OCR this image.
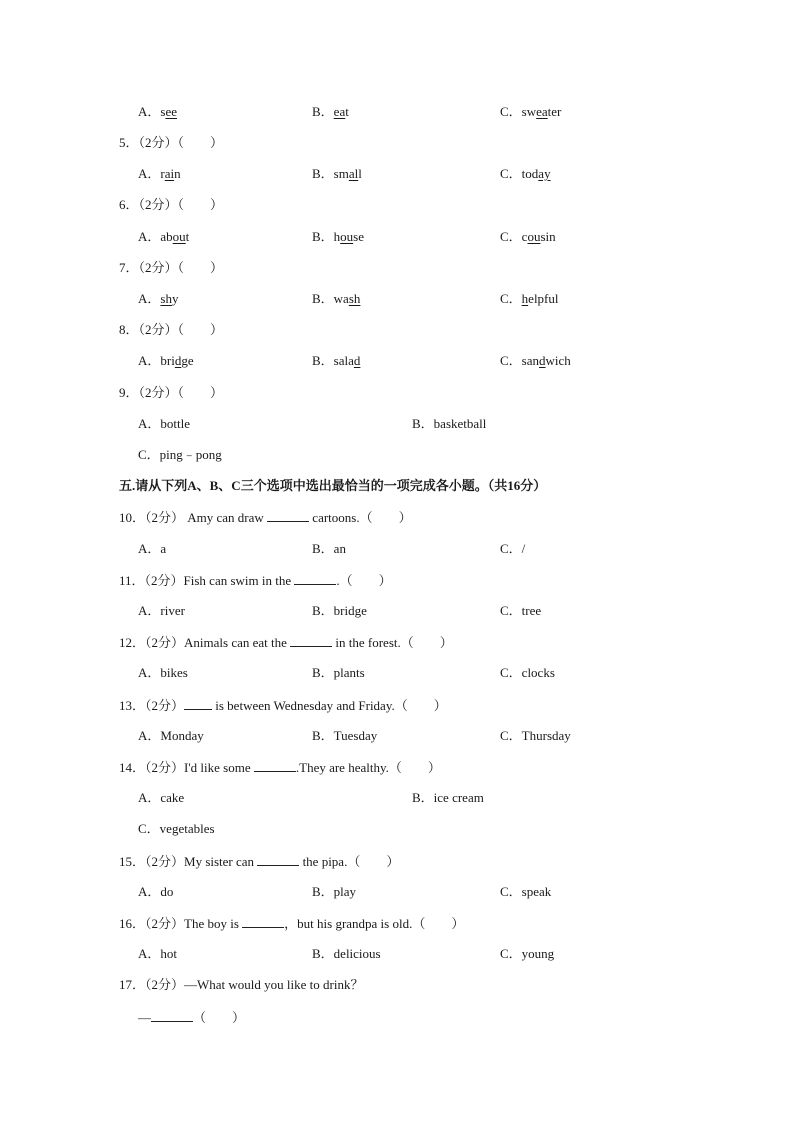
A．see	B．eat	C．sweater
5．（2分）（　　）
A．rain	B．small	C．today
6．（2分）（　　）
A．about	B．house	C．cousin
7．（2分）（　　）
A．shy	B．wash	C．helpful
8．（2分）（　　）
A．bridge	B．salad	C．sandwich
9．（2分）（　　）
A．bottle	B．basketball
C．ping﹣pong
五.请从下列A、B、C三个选项中选出最恰当的一项完成各小题。（共16分）
10．（2分） Amy can draw	cartoons.（　　）
A．a	B．an	C．/
11．（2分）Fish can swim in the	.（　　）
A．river	B．bridge	C．tree
12．（2分）Animals can eat the	in the forest.（　　）
A．bikes	B．plants	C．clocks
13．（2分） is between Wednesday and Friday.（　　）
A．Monday	B．Tuesday	C．Thursday
14．（2分）I'd like some	.They are healthy.（　　）
A．cake	B．ice cream
C．vegetables
15．（2分）My sister can	the pipa.（　　）
A．do	B．play	C．speak
16．（2分）The boy is	，but his grandpa is old.（　　）
A．hot	B．delicious	C．young
17．（2分）—What would you like to drink？
—	（　　）
